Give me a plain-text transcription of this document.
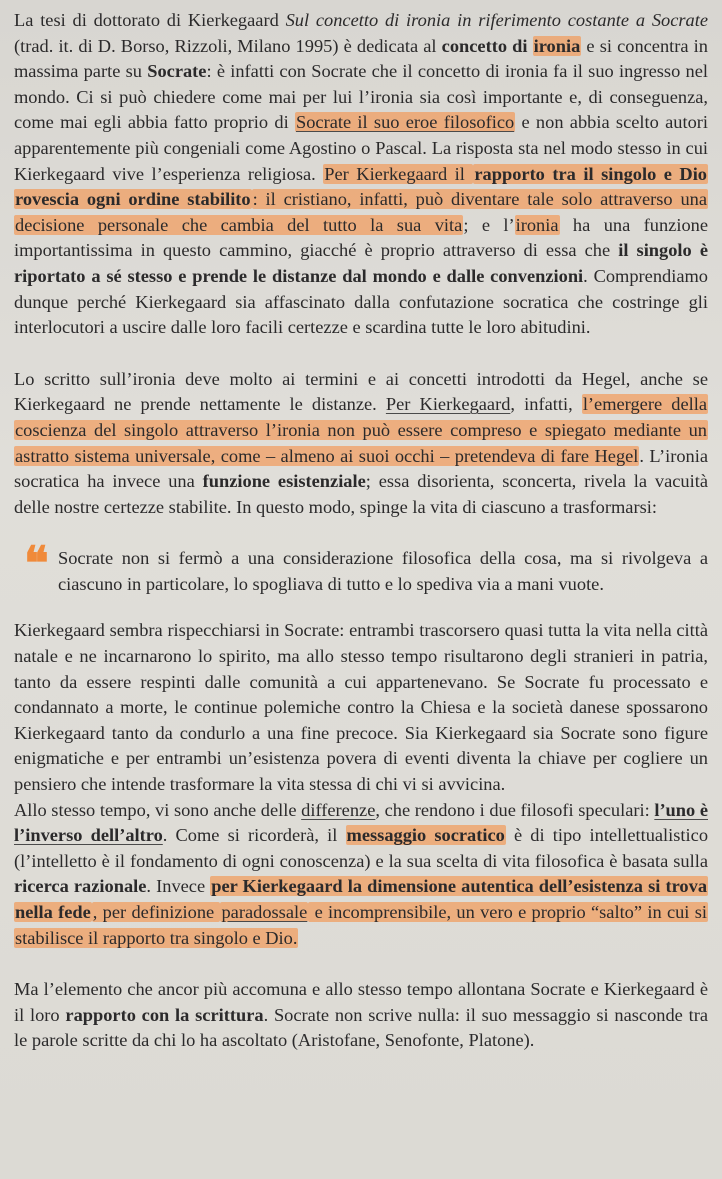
La tesi di dottorato di Kierkegaard Sul concetto di ironia in riferimento costante a Socrate (trad. it. di D. Borso, Rizzoli, Milano 1995) è dedicata al concetto di ironia e si concentra in massima parte su Socrate: è infatti con Socrate che il concetto di ironia fa il suo ingresso nel mondo. Ci si può chiedere come mai per lui l’ironia sia così importante e, di conseguenza, come mai egli abbia fatto proprio di Socrate il suo eroe filosofico e non abbia scelto autori apparentemente più congeniali come Agostino o Pascal. La risposta sta nel modo stesso in cui Kierkegaard vive l’esperienza religiosa. Per Kierkegaard il rapporto tra il singolo e Dio rovescia ogni ordine stabilito : il cristiano, infatti, può diventare tale solo attraverso una decisione personale che cambia del tutto la sua vita; e l’ironia ha una funzione importantissima in questo cammino, giacché è proprio attraverso di essa che il singolo è riportato a sé stesso e prende le distanze dal mondo e dalle convenzioni. Comprendiamo dunque perché Kierkegaard sia affascinato dalla confutazione socratica che costringe gli interlocutori a uscire dalle loro facili certezze e scardina tutte le loro abitudini.

Lo scritto sull’ironia deve molto ai termini e ai concetti introdotti da Hegel, anche se Kierkegaard ne prende nettamente le distanze. Per Kierkegaard, infatti, l’emergere della coscienza del singolo attraverso l’ironia non può essere compreso e spiegato mediante un astratto sistema universale, come – almeno ai suoi occhi – pretendeva di fare Hegel. L’ironia socratica ha invece una funzione esistenziale; essa disorienta, sconcerta, rivela la vacuità delle nostre certezze stabilite. In questo modo, spinge la vita di ciascuno a trasformarsi:

❝ Socrate non si fermò a una considerazione filosofica della cosa, ma si rivolgeva a ciascuno in particolare, lo spogliava di tutto e lo spediva via a mani vuote.

Kierkegaard sembra rispecchiarsi in Socrate: entrambi trascorsero quasi tutta la vita nella città natale e ne incarnarono lo spirito, ma allo stesso tempo risultarono degli stranieri in patria, tanto da essere respinti dalle comunità a cui appartenevano. Se Socrate fu processato e condannato a morte, le continue polemiche contro la Chiesa e la società danese spossarono Kierkegaard tanto da condurlo a una fine precoce. Sia Kierkegaard sia Socrate sono figure enigmatiche e per entrambi un’esistenza povera di eventi diventa la chiave per cogliere un pensiero che intende trasformare la vita stessa di chi vi si avvicina.

Allo stesso tempo, vi sono anche delle differenze, che rendono i due filosofi speculari: l’uno è l’inverso dell’altro. Come si ricorderà, il messaggio socratico è di tipo intellettualistico (l’intelletto è il fondamento di ogni conoscenza) e la sua scelta di vita filosofica è basata sulla ricerca razionale. Invece per Kierkegaard la dimensione autentica dell’esistenza si trova nella fede , per definizione paradossale e incomprensibile, un vero e proprio “salto” in cui si stabilisce il rapporto tra singolo e Dio.

Ma l’elemento che ancor più accomuna e allo stesso tempo allontana Socrate e Kierkegaard è il loro rapporto con la scrittura. Socrate non scrive nulla: il suo messaggio si nasconde tra le parole scritte da chi lo ha ascoltato (Aristofane, Senofonte, Platone).
